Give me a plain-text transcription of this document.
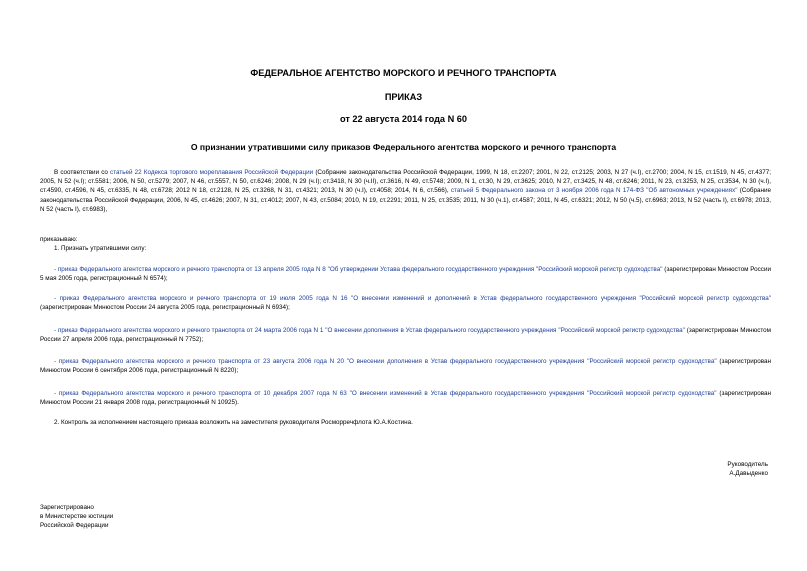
ФЕДЕРАЛЬНОЕ АГЕНТСТВО МОРСКОГО И РЕЧНОГО ТРАНСПОРТА
ПРИКАЗ
от 22 августа 2014 года N 60
О признании утратившими силу приказов Федерального агентства морского и речного транспорта
В соответствии со статьей 22 Кодекса торгового мореплавания Российской Федерации (Собрание законодательства Российской Федерации, 1999, N 18, ст.2207; 2001, N 22, ст.2125; 2003, N 27 (ч.I), ст.2700; 2004, N 15, ст.1519, N 45, ст.4377; 2005, N 52 (ч.I); ст.5581; 2006, N 50, ст.5279; 2007, N 46, ст.5557, N 50, ст.6246; 2008, N 29 (ч.I); ст.3418, N 30 (ч.II), ст.3616, N 49, ст.5748; 2009, N 1, ст.30, N 29, ст.3625; 2010, N 27, ст.3425, N 48, ст.6246; 2011, N 23, ст.3253, N 25, ст.3534, N 30 (ч.I), ст.4590, ст.4596, N 45, ст.6335, N 48, ст.6728; 2012 N 18, ст.2128, N 25, ст.3268, N 31, ст.4321; 2013, N 30 (ч.I), ст.4058; 2014, N 6, ст.566), статьей 5 Федерального закона от 3 ноября 2006 года N 174-ФЗ "Об автономных учреждениях" (Собрание законодательства Российской Федерации, 2006, N 45, ст.4626; 2007, N 31, ст.4012; 2007, N 43, ст.5084; 2010, N 19, ст.2291; 2011, N 25, ст.3535; 2011, N 30 (ч.1), ст.4587; 2011, N 45, ст.6321; 2012, N 50 (ч.5), ст.6963; 2013, N 52 (часть I), ст.6978; 2013, N 52 (часть I), ст.6983),
приказываю:
1. Признать утратившими силу:
- приказ Федерального агентства морского и речного транспорта от 13 апреля 2005 года N 8 "Об утверждении Устава федерального государственного учреждения "Российский морской регистр судоходства" (зарегистрирован Минюстом России 5 мая 2005 года, регистрационный N 6574);
- приказ Федерального агентства морского и речного транспорта от 19 июля 2005 года N 16 "О внесении изменений и дополнений в Устав федерального государственного учреждения "Российский морской регистр судоходства" (зарегистрирован Минюстом России 24 августа 2005 года, регистрационный N 6934);
- приказ Федерального агентства морского и речного транспорта от 24 марта 2006 года N 1 "О внесении дополнения в Устав федерального государственного учреждения "Российский морской регистр судоходства" (зарегистрирован Минюстом России 27 апреля 2006 года, регистрационный N 7752);
- приказ Федерального агентства морского и речного транспорта от 23 августа 2006 года N 20 "О внесении дополнения в Устав федерального государственного учреждения "Российский морской регистр судоходства" (зарегистрирован Минюстом России 6 сентября 2006 года, регистрационный N 8220);
- приказ Федерального агентства морского и речного транспорта от 10 декабря 2007 года N 63 "О внесении изменений в Устав федерального государственного учреждения "Российский морской регистр судоходства" (зарегистрирован Минюстом России 21 января 2008 года, регистрационный N 10925).
2. Контроль за исполнением настоящего приказа возложить на заместителя руководителя Росморречфлота Ю.А.Костина.
Руководитель
А.Давыденко
Зарегистрировано
в Министерстве юстиции
Российской Федерации
